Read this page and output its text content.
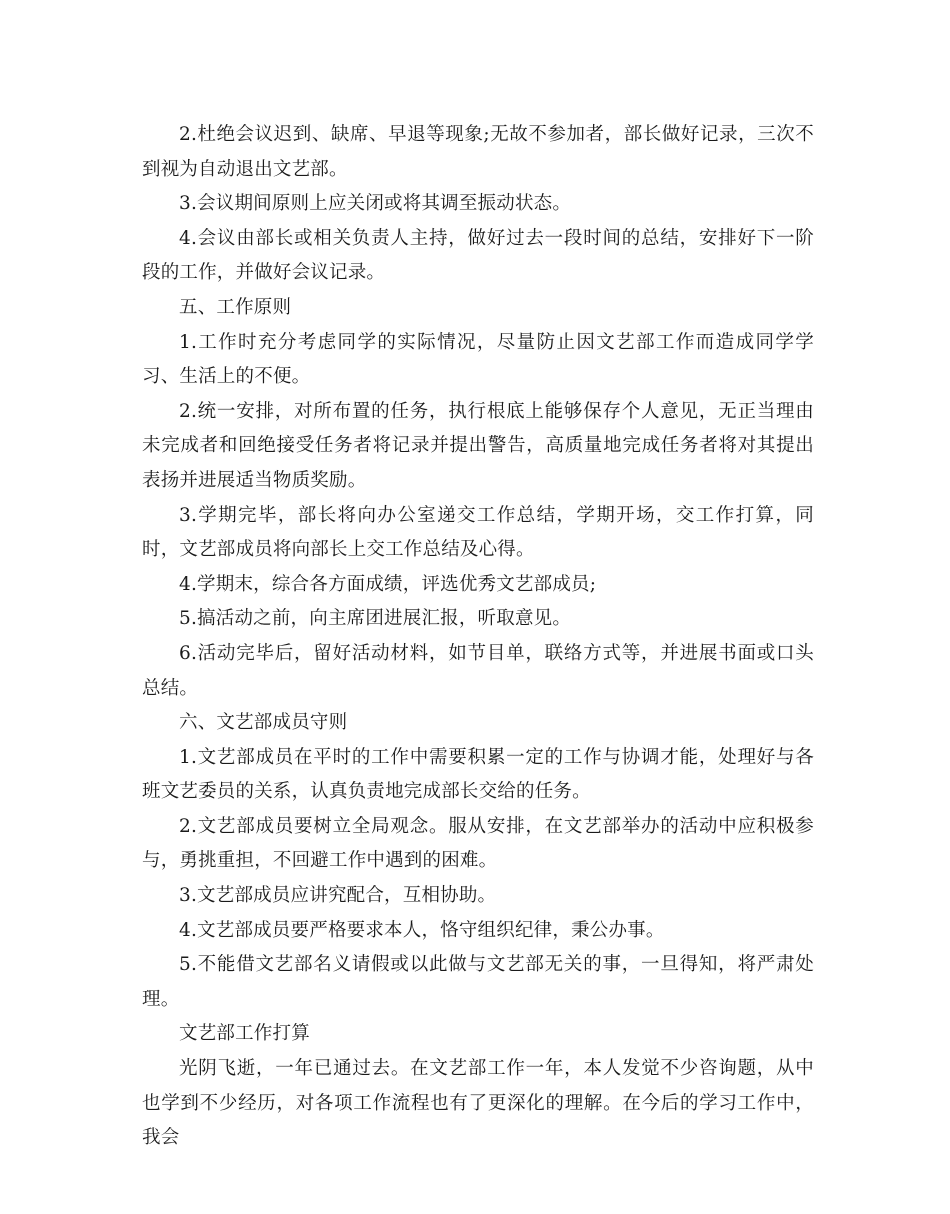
2.杜绝会议迟到、缺席、早退等现象;无故不参加者，部长做好记录，三次不到视为自动退出文艺部。

3.会议期间原则上应关闭或将其调至振动状态。

4.会议由部长或相关负责人主持，做好过去一段时间的总结，安排好下一阶段的工作，并做好会议记录。

五、工作原则

1.工作时充分考虑同学的实际情况，尽量防止因文艺部工作而造成同学学习、生活上的不便。

2.统一安排，对所布置的任务，执行根底上能够保存个人意见，无正当理由未完成者和回绝接受任务者将记录并提出警告，高质量地完成任务者将对其提出表扬并进展适当物质奖励。

3.学期完毕，部长将向办公室递交工作总结，学期开场，交工作打算，同时，文艺部成员将向部长上交工作总结及心得。

4.学期末，综合各方面成绩，评选优秀文艺部成员;

5.搞活动之前，向主席团进展汇报，听取意见。

6.活动完毕后，留好活动材料，如节目单，联络方式等，并进展书面或口头总结。

六、文艺部成员守则

1.文艺部成员在平时的工作中需要积累一定的工作与协调才能，处理好与各班文艺委员的关系，认真负责地完成部长交给的任务。

2.文艺部成员要树立全局观念。服从安排，在文艺部举办的活动中应积极参与，勇挑重担，不回避工作中遇到的困难。

3.文艺部成员应讲究配合，互相协助。

4.文艺部成员要严格要求本人，恪守组织纪律，秉公办事。

5.不能借文艺部名义请假或以此做与文艺部无关的事，一旦得知，将严肃处理。

文艺部工作打算

光阴飞逝，一年已通过去。在文艺部工作一年，本人发觉不少咨询题，从中也学到不少经历，对各项工作流程也有了更深化的理解。在今后的学习工作中，我会
